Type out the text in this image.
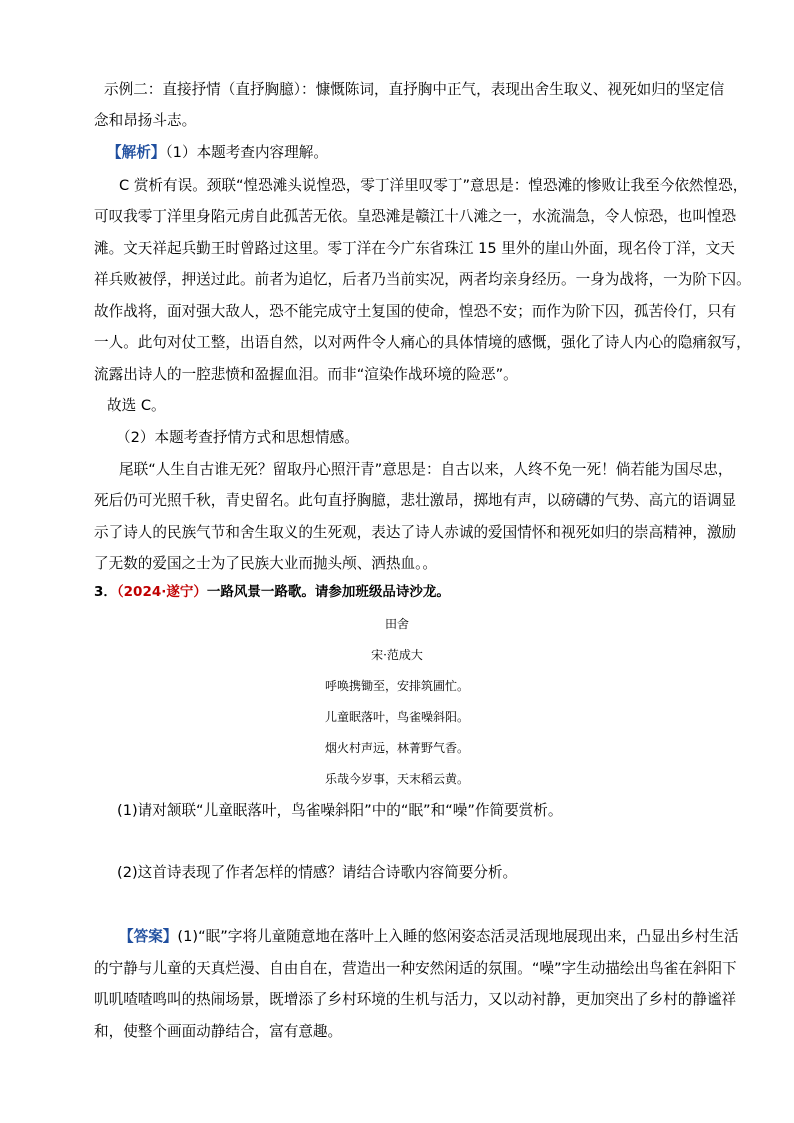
示例二：直接抒情（直抒胸臆）：慷慨陈词，直抒胸中正气，表现出舍生取义、视死如归的坚定信
念和昂扬斗志。
【解析】（1）本题考查内容理解。
C 赏析有误。颈联“惶恐滩头说惶恐，零丁洋里叹零丁”意思是：惶恐滩的惨败让我至今依然惶恐，
可叹我零丁洋里身陷元虏自此孤苦无依。皇恐滩是赣江十八滩之一，水流湍急，令人惊恐，也叫惶恐
滩。文天祥起兵勤王时曾路过这里。零丁洋在今广东省珠江 15 里外的崖山外面，现名伶丁洋，文天
祥兵败被俘，押送过此。前者为追忆，后者乃当前实况，两者均亲身经历。一身为战将，一为阶下囚。
故作战将，面对强大敌人，恐不能完成守土复国的使命，惶恐不安；而作为阶下囚，孤苦伶仃，只有
一人。此句对仗工整，出语自然，以对两件令人痛心的具体情境的感慨，强化了诗人内心的隐痛叙写，
流露出诗人的一腔悲愤和盈握血泪。而非“渲染作战环境的险恶”。
故选 C。
（2）本题考查抒情方式和思想情感。
尾联“人生自古谁无死？留取丹心照汗青”意思是：自古以来，人终不免一死！倘若能为国尽忠，
死后仍可光照千秋，青史留名。此句直抒胸臆，悲壮激昂，掷地有声，以磅礴的气势、高亢的语调显
示了诗人的民族气节和舍生取义的生死观，表达了诗人赤诚的爱国情怀和视死如归的崇高精神，激励
了无数的爱国之士为了民族大业而抛头颅、洒热血。。
3．（2024·遂宁）一路风景一路歌。请参加班级品诗沙龙。
田舍
宋·范成大
呼唤携锄至，安排筑圃忙。
儿童眠落叶，鸟雀噪斜阳。
烟火村声远，林菁野气香。
乐哉今岁事，天末稻云黄。
(1)请对颔联“儿童眠落叶，鸟雀噪斜阳”中的“眠”和“噪”作简要赏析。
(2)这首诗表现了作者怎样的情感？请结合诗歌内容简要分析。
【答案】(1)“眠”字将儿童随意地在落叶上入睡的悠闲姿态活灵活现地展现出来，凸显出乡村生活
的宁静与儿童的天真烂漫、自由自在，营造出一种安然闲适的氛围。“噪”字生动描绘出鸟雀在斜阳下
叽叽喳喳鸣叫的热闹场景，既增添了乡村环境的生机与活力，又以动衬静，更加突出了乡村的静谧祥
和，使整个画面动静结合，富有意趣。
